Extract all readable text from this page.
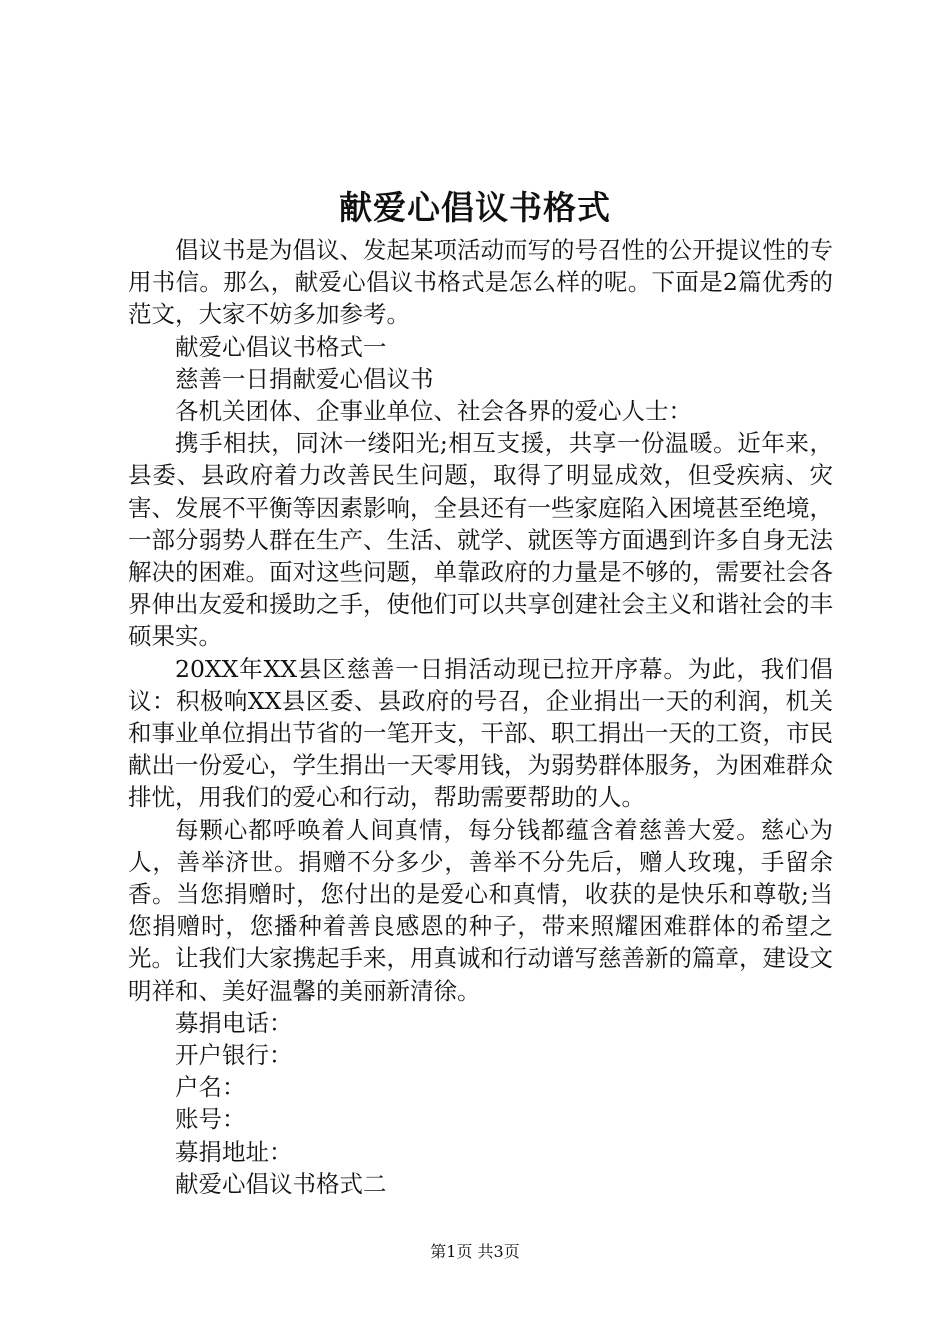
献爱心倡议书格式

倡议书是为倡议、发起某项活动而写的号召性的公开提议性的专用书信。那么，献爱心倡议书格式是怎么样的呢。下面是2篇优秀的范文，大家不妨多加参考。

献爱心倡议书格式一

慈善一日捐献爱心倡议书

各机关团体、企事业单位、社会各界的爱心人士：

携手相扶，同沐一缕阳光;相互支援，共享一份温暖。近年来，县委、县政府着力改善民生问题，取得了明显成效，但受疾病、灾害、发展不平衡等因素影响，全县还有一些家庭陷入困境甚至绝境，一部分弱势人群在生产、生活、就学、就医等方面遇到许多自身无法解决的困难。面对这些问题，单靠政府的力量是不够的，需要社会各界伸出友爱和援助之手，使他们可以共享创建社会主义和谐社会的丰硕果实。

20XX年XX县区慈善一日捐活动现已拉开序幕。为此，我们倡议：积极响XX县区委、县政府的号召，企业捐出一天的利润，机关和事业单位捐出节省的一笔开支，干部、职工捐出一天的工资，市民献出一份爱心，学生捐出一天零用钱，为弱势群体服务，为困难群众排忧，用我们的爱心和行动，帮助需要帮助的人。

每颗心都呼唤着人间真情，每分钱都蕴含着慈善大爱。慈心为人，善举济世。捐赠不分多少，善举不分先后，赠人玫瑰，手留余香。当您捐赠时，您付出的是爱心和真情，收获的是快乐和尊敬;当您捐赠时，您播种着善良感恩的种子，带来照耀困难群体的希望之光。让我们大家携起手来，用真诚和行动谱写慈善新的篇章，建设文明祥和、美好温馨的美丽新清徐。

募捐电话：

开户银行：

户名：

账号：

募捐地址：

献爱心倡议书格式二

第1页 共3页
